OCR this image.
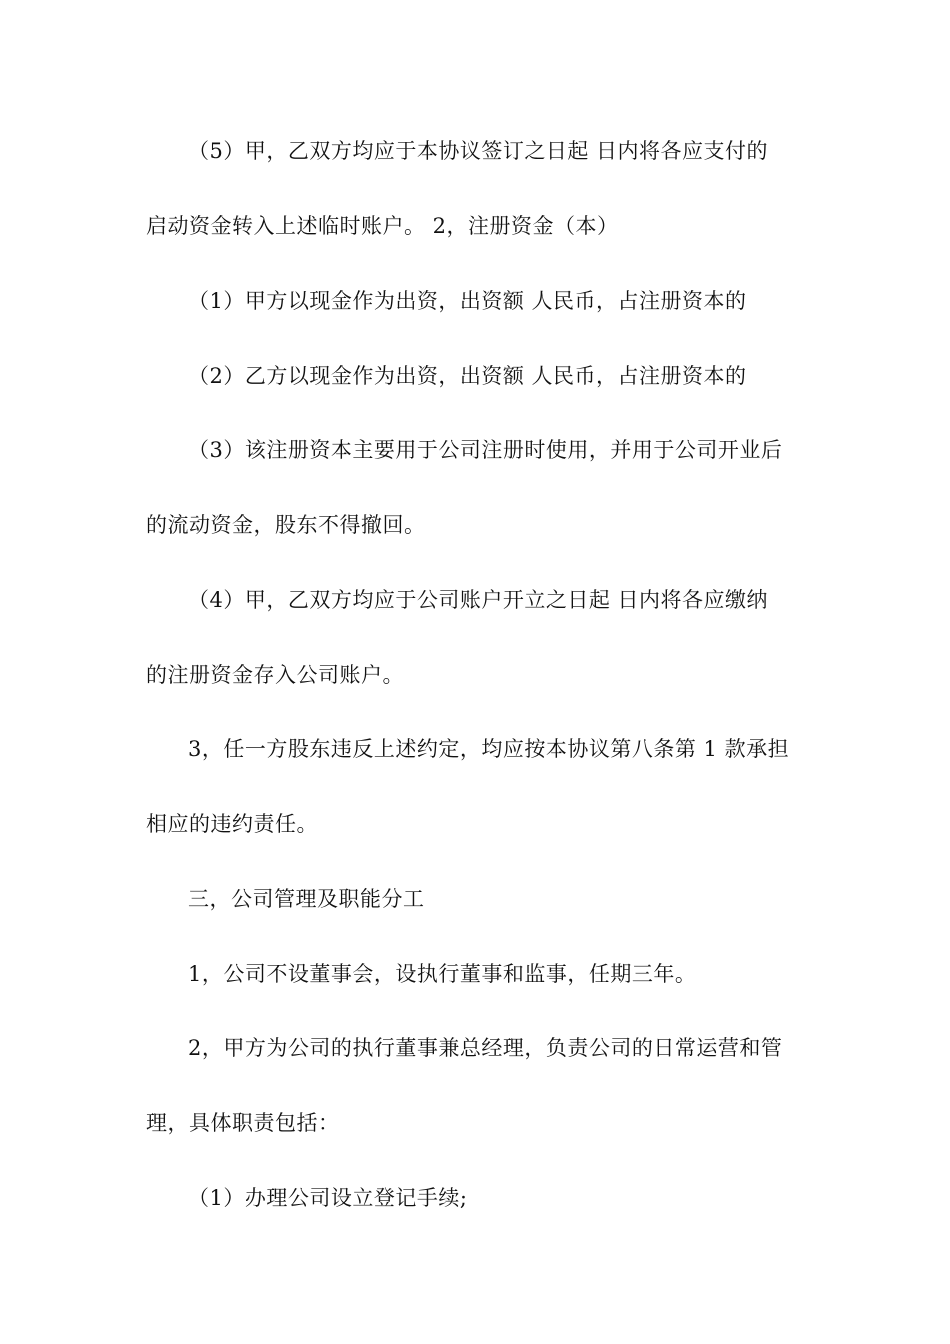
（5）甲，乙双方均应于本协议签订之日起 日内将各应支付的
启动资金转入上述临时账户。 2，注册资金（本）
（1）甲方以现金作为出资，出资额 人民币，占注册资本的
（2）乙方以现金作为出资，出资额 人民币，占注册资本的
（3）该注册资本主要用于公司注册时使用，并用于公司开业后
的流动资金，股东不得撤回。
（4）甲，乙双方均应于公司账户开立之日起 日内将各应缴纳
的注册资金存入公司账户。
3，任一方股东违反上述约定，均应按本协议第八条第 1 款承担
相应的违约责任。
三，公司管理及职能分工
1，公司不设董事会，设执行董事和监事，任期三年。
2，甲方为公司的执行董事兼总经理，负责公司的日常运营和管
理，具体职责包括：
（1）办理公司设立登记手续;
